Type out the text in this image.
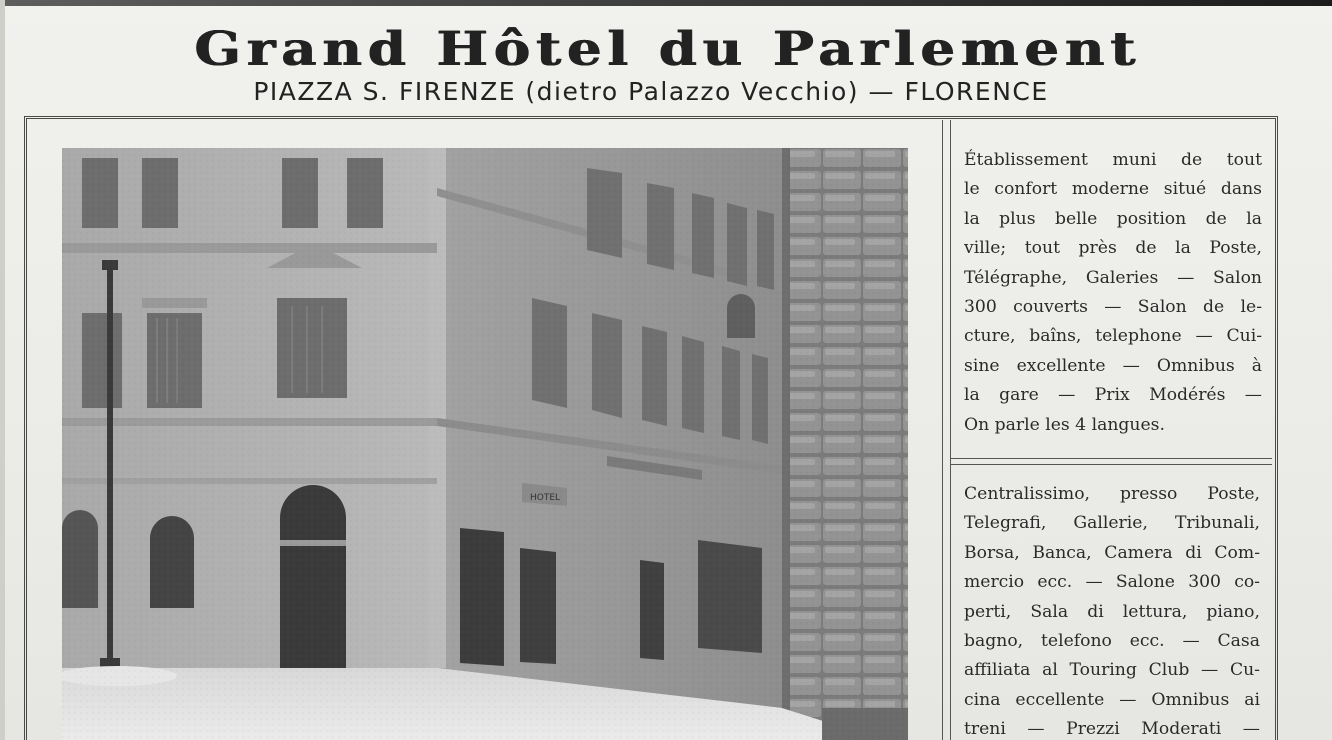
Grand Hôtel du Parlement
PIAZZA S. FIRENZE (dietro Palazzo Vecchio) — FLORENCE
Établissement muni de tout
le confort moderne situé dans
la plus belle position de la
ville; tout près de la Poste,
Télégraphe, Galeries — Salon
300 couverts — Salon de le-
cture, baîns, telephone — Cui-
sine excellente — Omnibus à
la gare — Prix Modérés —
On parle les 4 langues.
Centralissimo, presso Poste,
Telegrafi, Gallerie, Tribunali,
Borsa, Banca, Camera di Com-
mercio ecc. — Salone 300 co-
perti, Sala di lettura, piano,
bagno, telefono ecc. — Casa
affiliata al Touring Club — Cu-
cina eccellente — Omnibus ai
treni — Prezzi Moderati —
